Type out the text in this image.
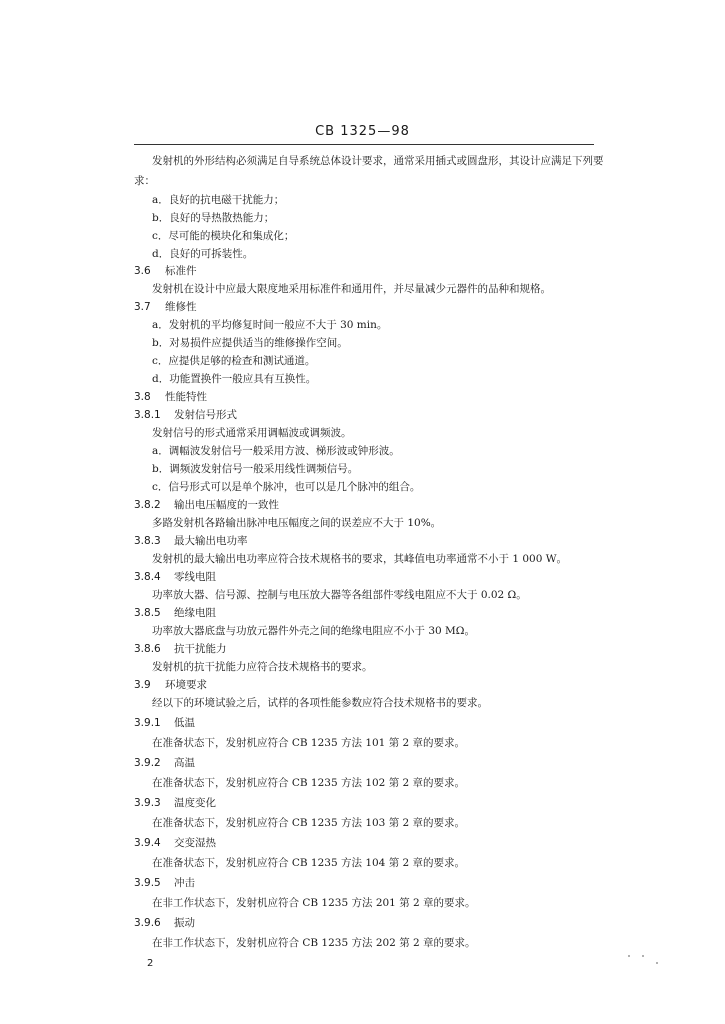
CB 1325—98
发射机的外形结构必须满足自导系统总体设计要求，通常采用插式或圆盘形，其设计应满足下列要
求：
a．良好的抗电磁干扰能力；
b．良好的导热散热能力；
c．尽可能的模块化和集成化；
d．良好的可拆装性。
3.6 标准件
发射机在设计中应最大限度地采用标准件和通用件，并尽量减少元器件的品种和规格。
3.7 维修性
a．发射机的平均修复时间一般应不大于 30 min。
b．对易损件应提供适当的维修操作空间。
c．应提供足够的检查和测试通道。
d．功能置换件一般应具有互换性。
3.8 性能特性
3.8.1 发射信号形式
发射信号的形式通常采用调幅波或调频波。
a．调幅波发射信号一般采用方波、梯形波或钟形波。
b．调频波发射信号一般采用线性调频信号。
c．信号形式可以是单个脉冲，也可以是几个脉冲的组合。
3.8.2 输出电压幅度的一致性
多路发射机各路输出脉冲电压幅度之间的误差应不大于 10%。
3.8.3 最大输出电功率
发射机的最大输出电功率应符合技术规格书的要求，其峰值电功率通常不小于 1 000 W。
3.8.4 零线电阻
功率放大器、信号源、控制与电压放大器等各组部件零线电阻应不大于 0.02 Ω。
3.8.5 绝缘电阻
功率放大器底盘与功放元器件外壳之间的绝缘电阻应不小于 30 MΩ。
3.8.6 抗干扰能力
发射机的抗干扰能力应符合技术规格书的要求。
3.9 环境要求
经以下的环境试验之后，试样的各项性能参数应符合技术规格书的要求。
3.9.1 低温
在准备状态下，发射机应符合 CB 1235 方法 101 第 2 章的要求。
3.9.2 高温
在准备状态下，发射机应符合 CB 1235 方法 102 第 2 章的要求。
3.9.3 温度变化
在准备状态下，发射机应符合 CB 1235 方法 103 第 2 章的要求。
3.9.4 交变湿热
在准备状态下，发射机应符合 CB 1235 方法 104 第 2 章的要求。
3.9.5 冲击
在非工作状态下，发射机应符合 CB 1235 方法 201 第 2 章的要求。
3.9.6 振动
在非工作状态下，发射机应符合 CB 1235 方法 202 第 2 章的要求。
2
